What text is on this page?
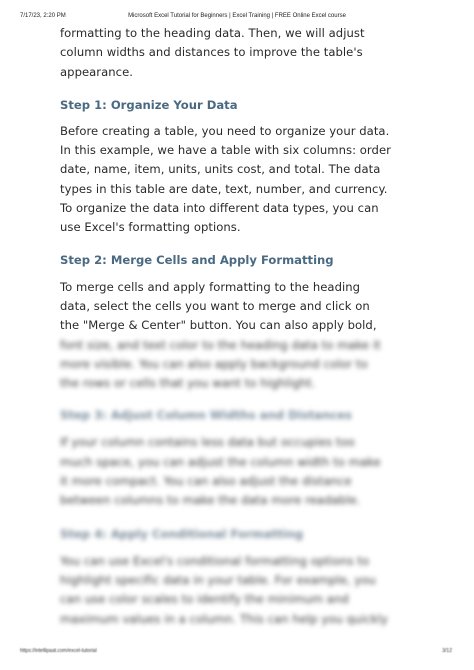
7/17/23, 2:20 PM	Microsoft Excel Tutorial for Beginners | Excel Training | FREE Online Excel course

formatting to the heading data. Then, we will adjust

column widths and distances to improve the table's

appearance.

Step 1: Organize Your Data

Before creating a table, you need to organize your data.

In this example, we have a table with six columns: order

date, name, item, units, units cost, and total. The data

types in this table are date, text, number, and currency.

To organize the data into different data types, you can

use Excel's formatting options.

Step 2: Merge Cells and Apply Formatting

To merge cells and apply formatting to the heading

data, select the cells you want to merge and click on

the "Merge & Center" button. You can also apply bold,

font size, and text color to the heading data to make it

more visible. You can also apply background color to

the rows or cells that you want to highlight.

Step 3: Adjust Column Widths and Distances

If your column contains less data but occupies too

much space, you can adjust the column width to make

it more compact. You can also adjust the distance

between columns to make the data more readable.

Step 4: Apply Conditional Formatting

You can use Excel's conditional formatting options to

highlight specific data in your table. For example, you

can use color scales to identify the minimum and

maximum values in a column. This can help you quickly

https://intellipaat.com/excel-tutorial	3/12
